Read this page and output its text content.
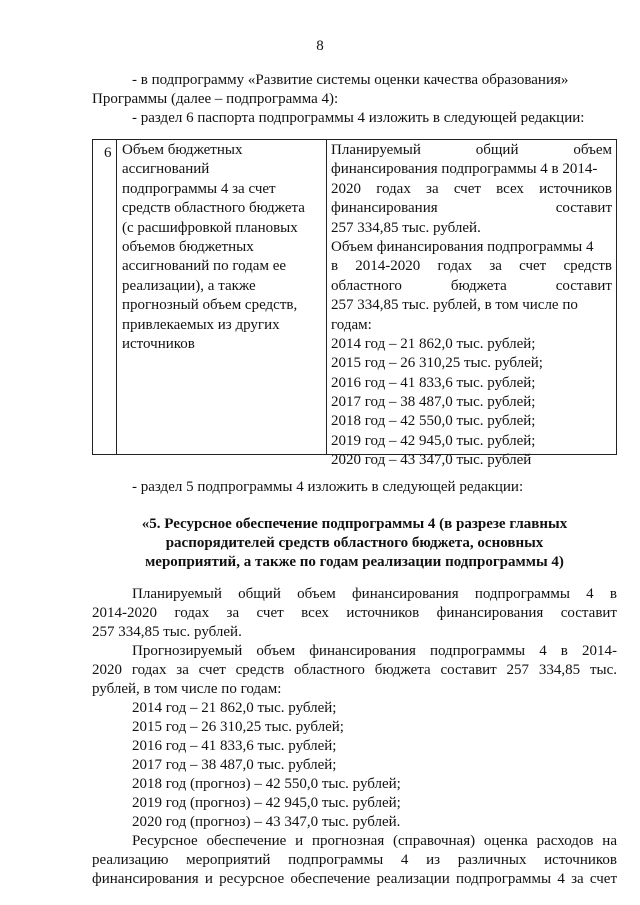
8
- в подпрограмму «Развитие системы оценки качества образования»
Программы (далее – подпрограмма 4):
- раздел 6 паспорта подпрограммы 4 изложить в следующей редакции:
6 Объем бюджетных
ассигнований
подпрограммы 4 за счет
средств областного бюджета
(с расшифровкой плановых
объемов бюджетных
ассигнований по годам ее
реализации), а также
прогнозный объем средств,
привлекаемых из других
источников
Планируемый общий объем
финансирования подпрограммы 4 в 2014-
2020 годах за счет всех источников
финансирования составит
257 334,85 тыс. рублей.
Объем финансирования подпрограммы 4
в 2014-2020 годах за счет средств
областного бюджета составит
257 334,85 тыс. рублей, в том числе по
годам:
2014 год – 21 862,0 тыс. рублей;
2015 год – 26 310,25 тыс. рублей;
2016 год – 41 833,6 тыс. рублей;
2017 год – 38 487,0 тыс. рублей;
2018 год – 42 550,0 тыс. рублей;
2019 год – 42 945,0 тыс. рублей;
2020 год – 43 347,0 тыс. рублей
- раздел 5 подпрограммы 4 изложить в следующей редакции:
«5. Ресурсное обеспечение подпрограммы 4 (в разрезе главных
распорядителей средств областного бюджета, основных
мероприятий, а также по годам реализации подпрограммы 4)
Планируемый общий объем финансирования подпрограммы 4 в
2014-2020 годах за счет всех источников финансирования составит
257 334,85 тыс. рублей.
Прогнозируемый объем финансирования подпрограммы 4 в 2014-
2020 годах за счет средств областного бюджета составит 257 334,85 тыс.
рублей, в том числе по годам:
2014 год – 21 862,0 тыс. рублей;
2015 год – 26 310,25 тыс. рублей;
2016 год – 41 833,6 тыс. рублей;
2017 год – 38 487,0 тыс. рублей;
2018 год (прогноз) – 42 550,0 тыс. рублей;
2019 год (прогноз) – 42 945,0 тыс. рублей;
2020 год (прогноз) – 43 347,0 тыс. рублей.
Ресурсное обеспечение и прогнозная (справочная) оценка расходов на
реализацию мероприятий подпрограммы 4 из различных источников
финансирования и ресурсное обеспечение реализации подпрограммы 4 за счет
